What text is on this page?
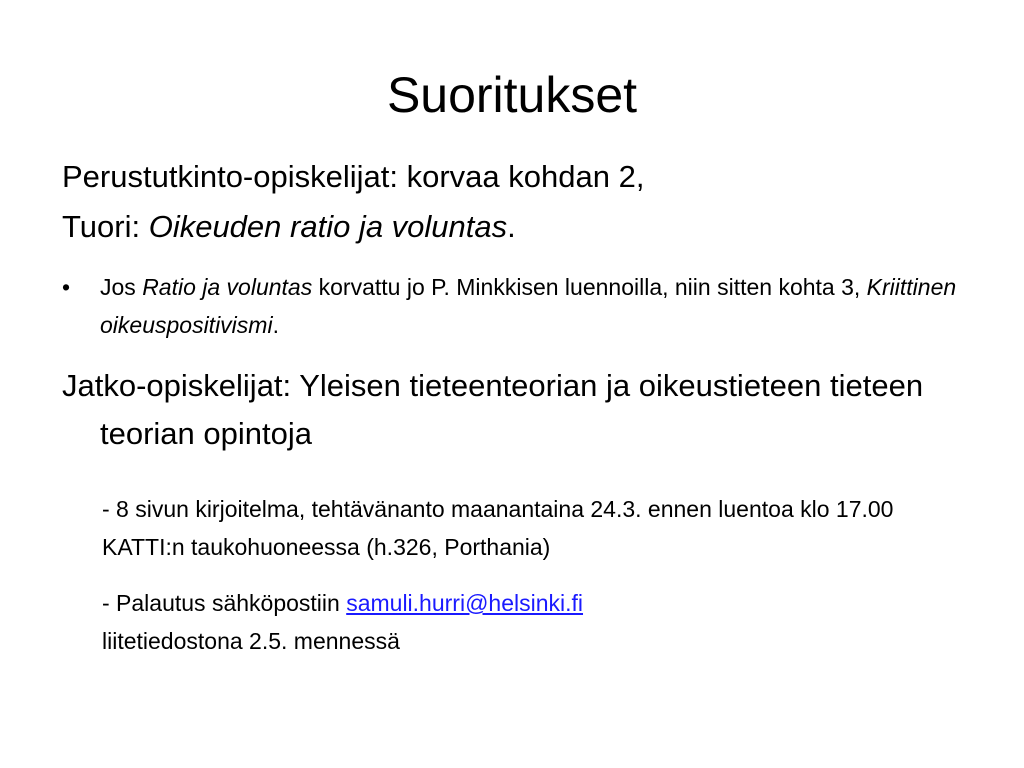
Suoritukset

Perustutkinto-opiskelijat: korvaa kohdan 2,
Tuori: Oikeuden ratio ja voluntas.

•	Jos Ratio ja voluntas korvattu jo P. Minkkisen luennoilla, niin sitten kohta 3, Kriittinen oikeuspositivismi.

Jatko-opiskelijat: Yleisen tieteenteorian ja oikeustieteen tieteen teorian opintoja

- 8 sivun kirjoitelma, tehtävänanto maanantaina 24.3. ennen luentoa klo 17.00 KATTI:n taukohuoneessa (h.326, Porthania)

- Palautus sähköpostiin samuli.hurri@helsinki.fi
liitetiedostona 2.5. mennessä
